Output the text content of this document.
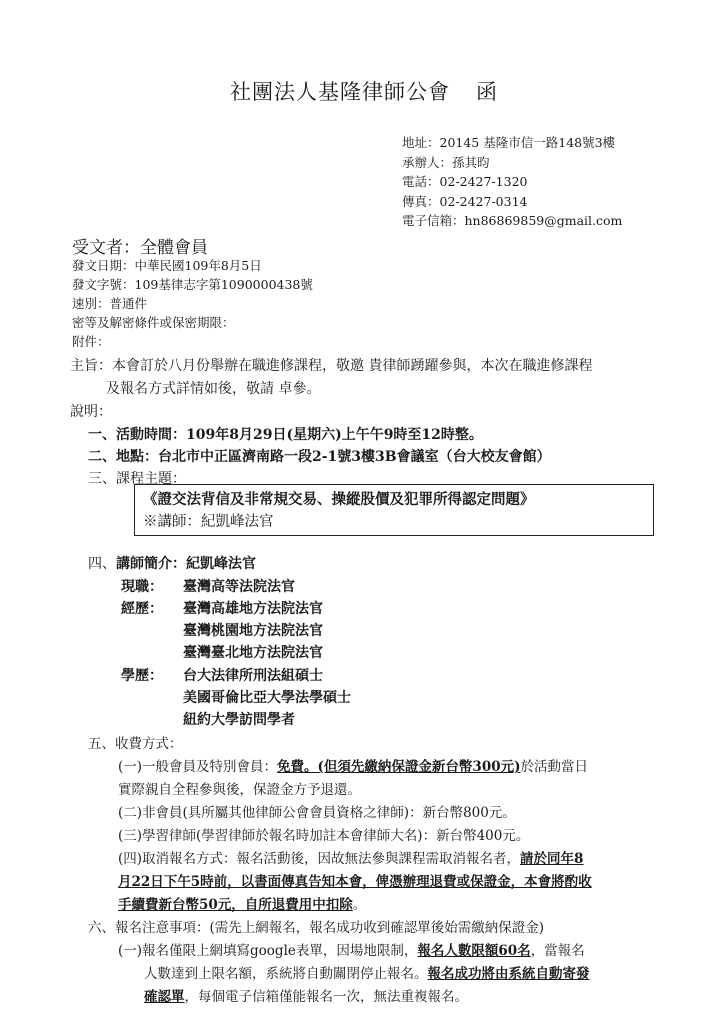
社團法人基隆律師公會 函
地址：20145 基隆市信一路148號3樓
承辦人：孫其昀
電話：02-2427-1320
傳真：02-2427-0314
電子信箱：hn86869859@gmail.com
受文者：全體會員
發文日期：中華民國109年8月5日
發文字號：109基律志字第1090000438號
速別：普通件
密等及解密條件或保密期限：
附件：
主旨：本會訂於八月份舉辦在職進修課程，敬邀 貴律師踴躍參與，本次在職進修課程
及報名方式詳情如後，敬請 卓參。
說明：
一、活動時間：109年8月29日(星期六)上午午9時至12時整。
二、地點：台北市中正區濟南路一段2-1號3樓3B會議室（台大校友會館）
三、課程主題：
《證交法背信及非常規交易、操縱股價及犯罪所得認定問題》
※講師：紀凱峰法官
四、講師簡介：紀凱峰法官
現職： 臺灣高等法院法官
經歷： 臺灣高雄地方法院法官
臺灣桃園地方法院法官
臺灣臺北地方法院法官
學歷： 台大法律所刑法組碩士
美國哥倫比亞大學法學碩士
紐約大學訪問學者
五、收費方式：
(一)一般會員及特別會員：免費。(但須先繳納保證金新台幣300元)於活動當日
實際親自全程參與後，保證金方予退還。
(二)非會員(具所屬其他律師公會會員資格之律師)：新台幣800元。
(三)學習律師(學習律師於報名時加註本會律師大名)：新台幣400元。
(四)取消報名方式：報名活動後，因故無法參與課程需取消報名者，請於同年8
月22日下午5時前，以書面傳真告知本會，俾憑辦理退費或保證金，本會將酌收
手續費新台幣50元，自所退費用中扣除。
六、報名注意事項：(需先上網報名，報名成功收到確認單後始需繳納保證金)
(一)報名僅限上網填寫google表單，因場地限制，報名人數限額60名，當報名
人數達到上限名額，系統將自動關閉停止報名。報名成功將由系統自動寄發
確認單，每個電子信箱僅能報名一次，無法重複報名。
